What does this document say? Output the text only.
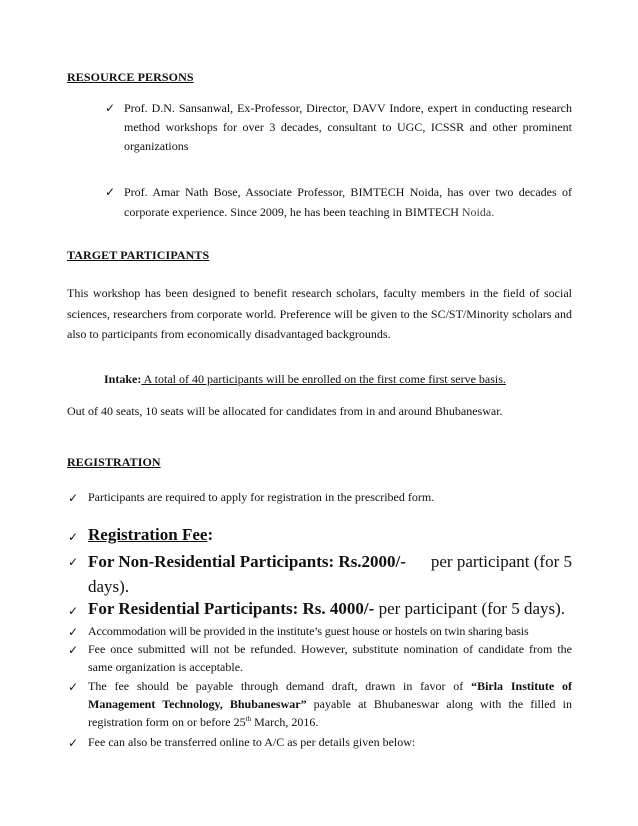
RESOURCE PERSONS
✓ Prof. D.N. Sansanwal, Ex-Professor, Director, DAVV Indore, expert in conducting research method workshops for over 3 decades, consultant to UGC, ICSSR and other prominent organizations
✓ Prof. Amar Nath Bose, Associate Professor, BIMTECH Noida, has over two decades of corporate experience. Since 2009, he has been teaching in BIMTECH Noida.
TARGET PARTICIPANTS
This workshop has been designed to benefit research scholars, faculty members in the field of social sciences, researchers from corporate world. Preference will be given to the SC/ST/Minority scholars and also to participants from economically disadvantaged backgrounds.
Intake: A total of 40 participants will be enrolled on the first come first serve basis.
Out of 40 seats, 10 seats will be allocated for candidates from in and around Bhubaneswar.
REGISTRATION
✓ Participants are required to apply for registration in the prescribed form.
✓ Registration Fee:
✓ For Non-Residential Participants: Rs.2000/- per participant (for 5
days).
✓ For Residential Participants: Rs. 4000/- per participant (for 5 days).
✓ Accommodation will be provided in the institute’s guest house or hostels on twin sharing basis
✓ Fee once submitted will not be refunded. However, substitute nomination of candidate from the same organization is acceptable.
✓ The fee should be payable through demand draft, drawn in favor of “Birla Institute of Management Technology, Bhubaneswar” payable at Bhubaneswar along with the filled in registration form on or before 25th March, 2016.
✓ Fee can also be transferred online to A/C as per details given below:
